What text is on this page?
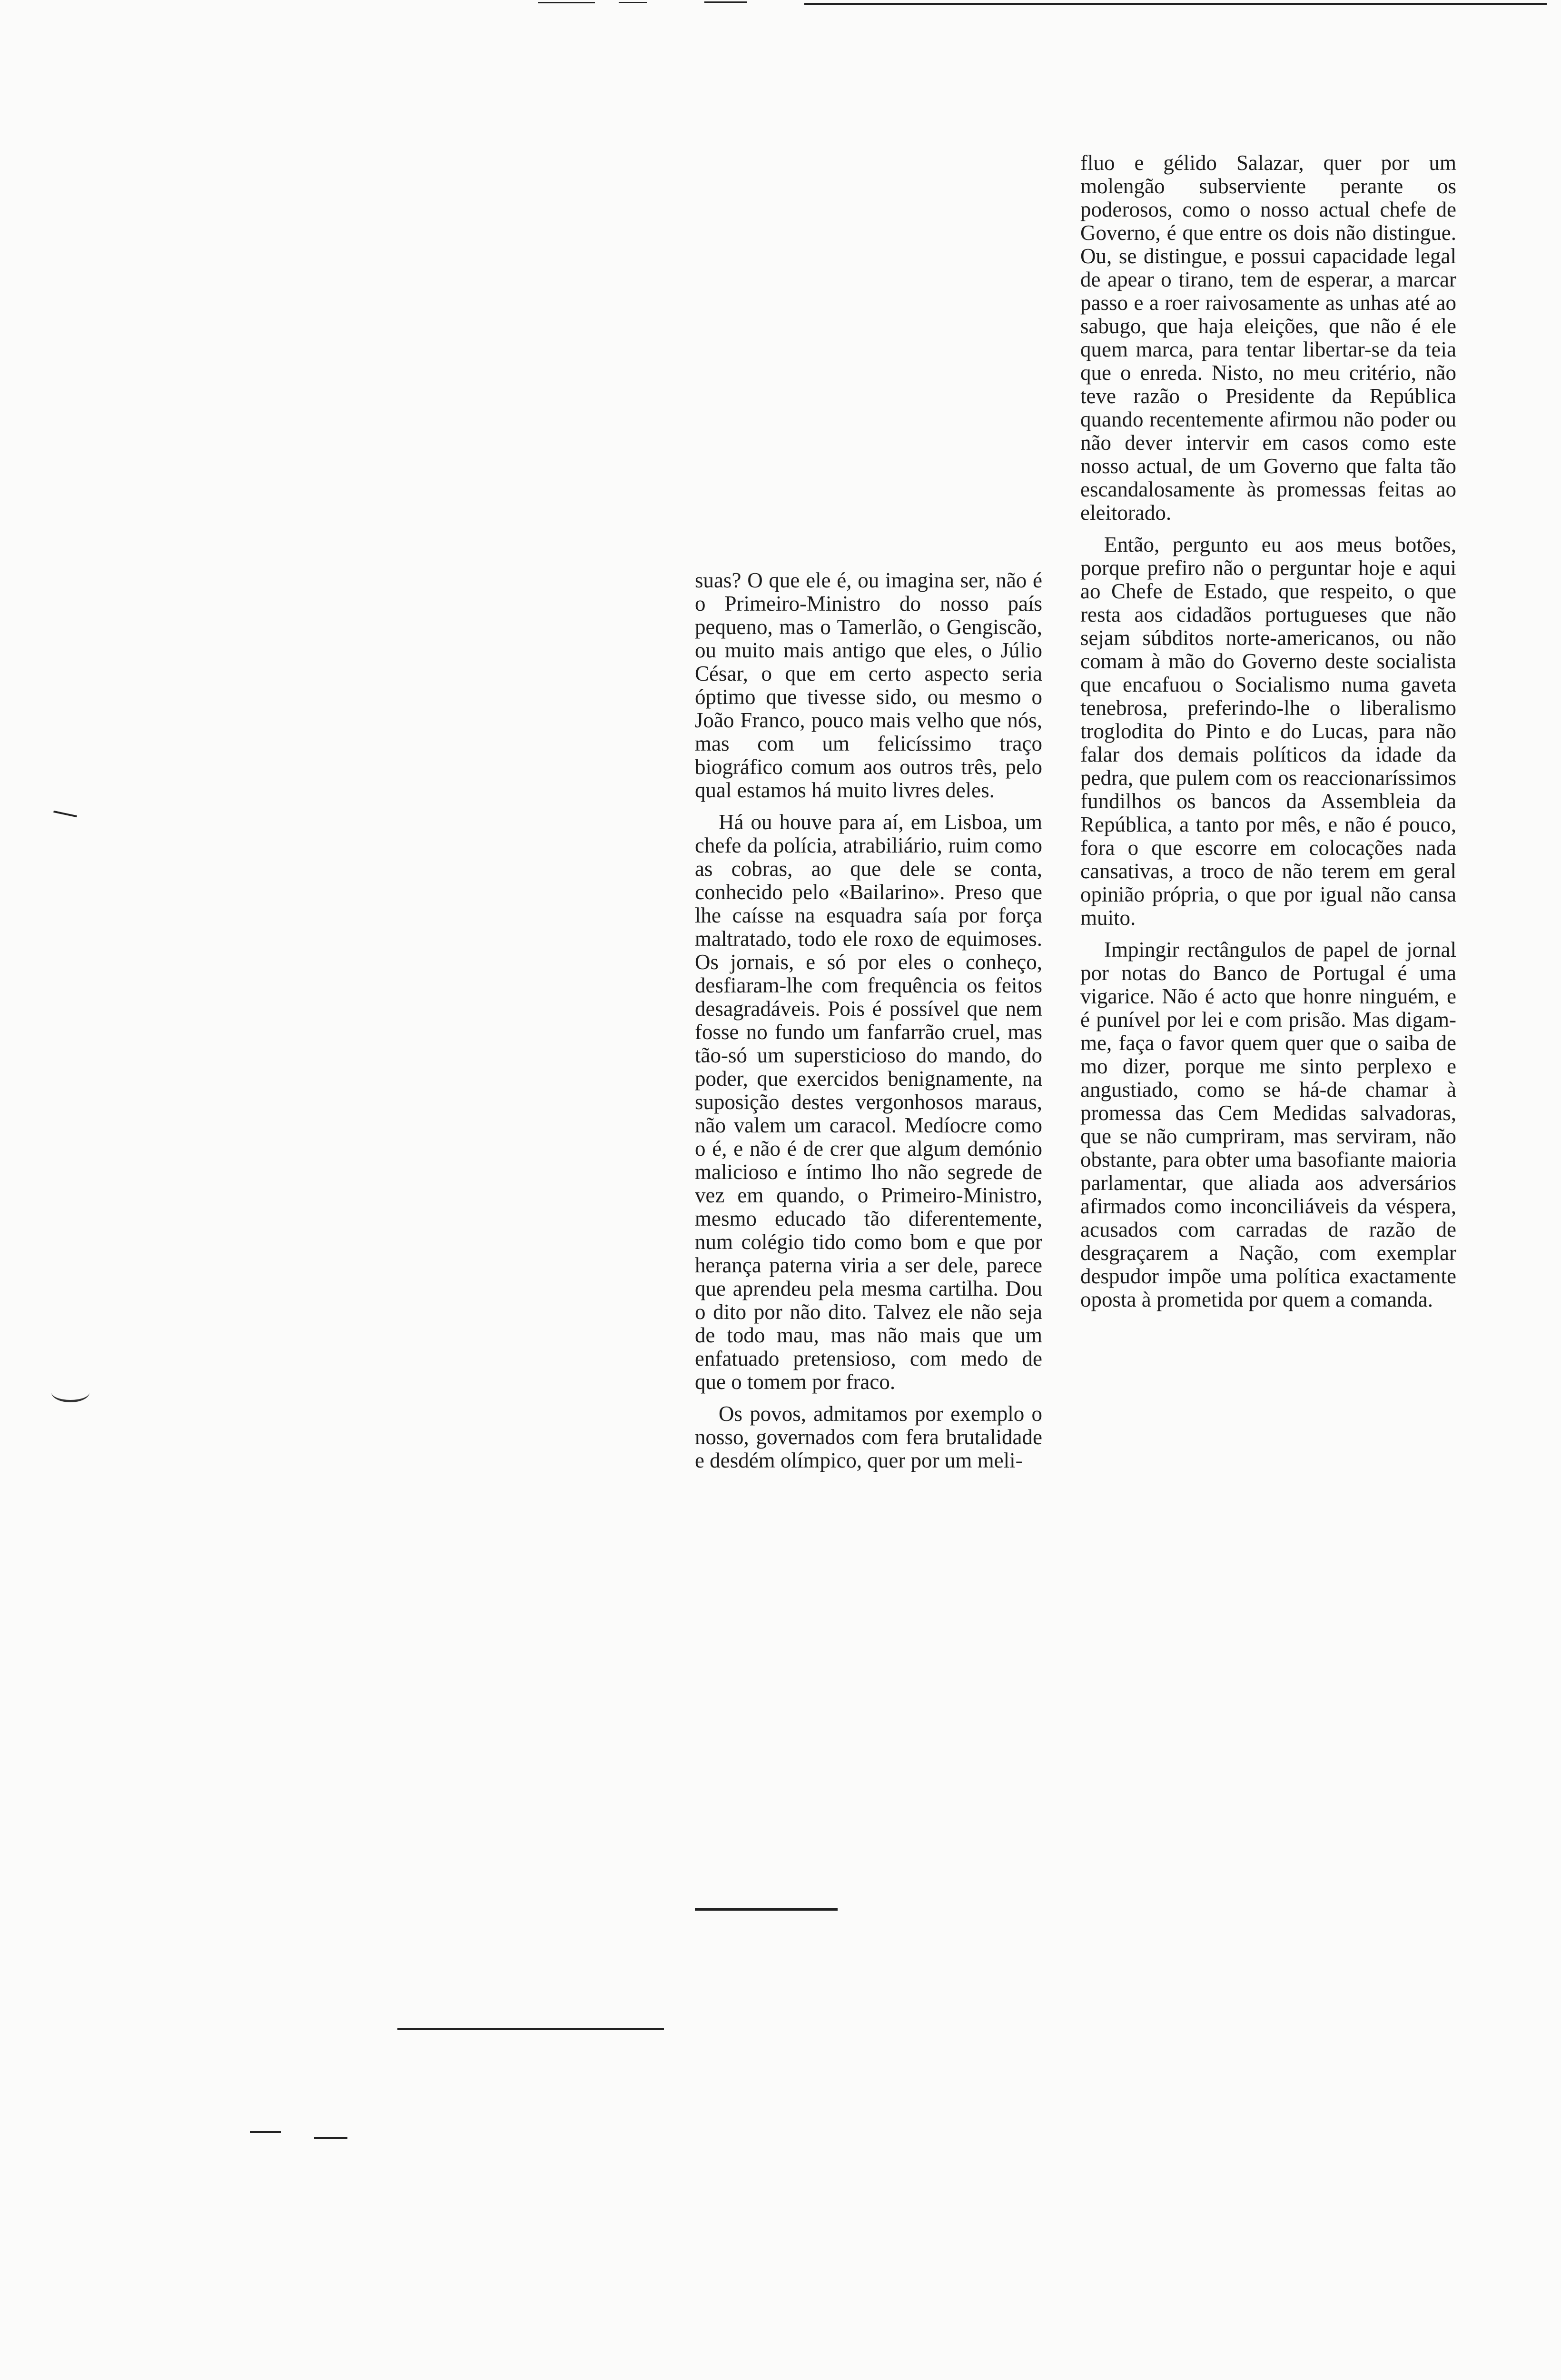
suas? O que ele é, ou imagina ser, não é o Primeiro-Ministro do nosso país pequeno, mas o Tamerlão, o Gengiscão, ou muito mais antigo que eles, o Júlio César, o que em certo aspecto seria óptimo que tivesse sido, ou mesmo o João Franco, pouco mais velho que nós, mas com um felicíssimo traço biográfico comum aos outros três, pelo qual estamos há muito livres deles.

Há ou houve para aí, em Lisboa, um chefe da polícia, atrabiliário, ruim como as cobras, ao que dele se conta, conhecido pelo «Bailarino». Preso que lhe caísse na esquadra saía por força maltratado, todo ele roxo de equimoses. Os jornais, e só por eles o conheço, desfiaram-lhe com frequência os feitos desagradáveis. Pois é possível que nem fosse no fundo um fanfarrão cruel, mas tão-só um supersticioso do mando, do poder, que exercidos benignamente, na suposição destes vergonhosos maraus, não valem um caracol. Medíocre como o é, e não é de crer que algum demónio malicioso e íntimo lho não segrede de vez em quando, o Primeiro-Ministro, mesmo educado tão diferentemente, num colégio tido como bom e que por herança paterna viria a ser dele, parece que aprendeu pela mesma cartilha. Dou o dito por não dito. Talvez ele não seja de todo mau, mas não mais que um enfatuado pretensioso, com medo de que o tomem por fraco.

Os povos, admitamos por exemplo o nosso, governados com fera brutalidade e desdém olímpico, quer por um meli-

fluo e gélido Salazar, quer por um molengão subserviente perante os poderosos, como o nosso actual chefe de Governo, é que entre os dois não distingue. Ou, se distingue, e possui capacidade legal de apear o tirano, tem de esperar, a marcar passo e a roer raivosamente as unhas até ao sabugo, que haja eleições, que não é ele quem marca, para tentar libertar-se da teia que o enreda. Nisto, no meu critério, não teve razão o Presidente da República quando recentemente afirmou não poder ou não dever intervir em casos como este nosso actual, de um Governo que falta tão escandalosamente às promessas feitas ao eleitorado.

Então, pergunto eu aos meus botões, porque prefiro não o perguntar hoje e aqui ao Chefe de Estado, que respeito, o que resta aos cidadãos portugueses que não sejam súbditos norte-americanos, ou não comam à mão do Governo deste socialista que encafuou o Socialismo numa gaveta tenebrosa, preferindo-lhe o liberalismo troglodita do Pinto e do Lucas, para não falar dos demais políticos da idade da pedra, que pulem com os reaccionaríssimos fundilhos os bancos da Assembleia da República, a tanto por mês, e não é pouco, fora o que escorre em colocações nada cansativas, a troco de não terem em geral opinião própria, o que por igual não cansa muito.

Impingir rectângulos de papel de jornal por notas do Banco de Portugal é uma vigarice. Não é acto que honre ninguém, e é punível por lei e com prisão. Mas digam-me, faça o favor quem quer que o saiba de mo dizer, porque me sinto perplexo e angustiado, como se há-de chamar à promessa das Cem Medidas salvadoras, que se não cumpriram, mas serviram, não obstante, para obter uma basofiante maioria parlamentar, que aliada aos adversários afirmados como inconciliáveis da véspera, acusados com carradas de razão de desgraçarem a Nação, com exemplar despudor impõe uma política exactamente oposta à prometida por quem a comanda.
